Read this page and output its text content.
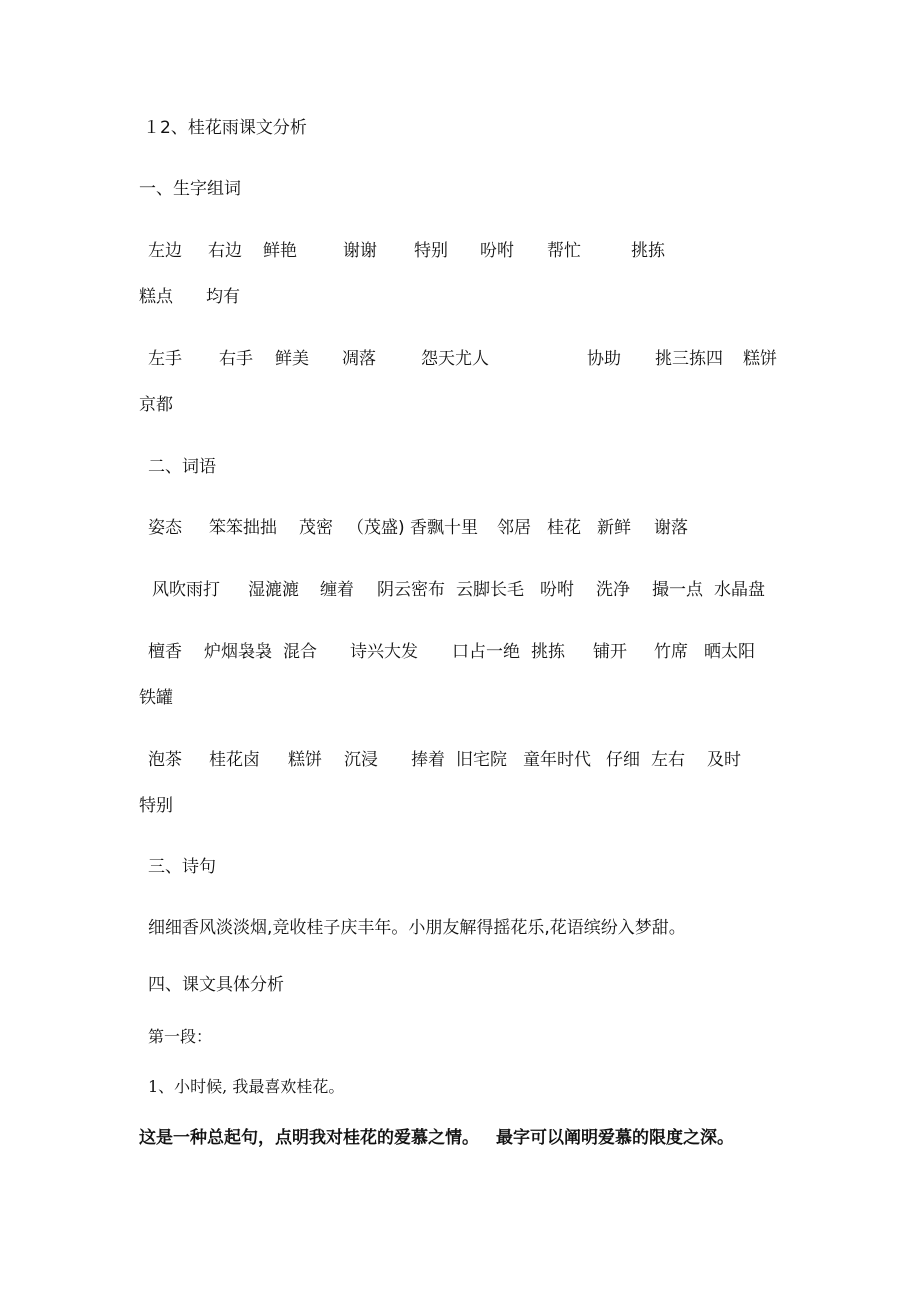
１2、桂花雨课文分析
一、生字组词

左边

右边

鲜艳

	谢谢

特别

吩咐

帮忙

	挑拣

糕点

均有

左手

右手

鲜美

凋落

	怨天尤人

	协助

挑三拣四

糕饼

京都

二、词语

姿态

笨笨拙拙

茂密

（茂盛) 香飘十里

邻居

桂花

新鲜

谢落

风吹雨打

湿漉漉

缠着

阴云密布

云脚长毛

吩咐

洗净

撮一点

水晶盘

檀香

炉烟袅袅

混合

诗兴大发

口占一绝

挑拣

铺开

竹席

晒太阳

铁罐

泡茶

桂花卤

糕饼

沉浸

捧着

旧宅院

童年时代

仔细

左右

及时

特别

三、诗句
细细香风淡淡烟,竞收桂子庆丰年。小朋友解得摇花乐,花语缤纷入梦甜。
四、课文具体分析
第一段：
1、小时候, 我最喜欢桂花。

这是一种总起句，点明我对桂花的爱慕之情。

最字可以阐明爱慕的限度之深。
